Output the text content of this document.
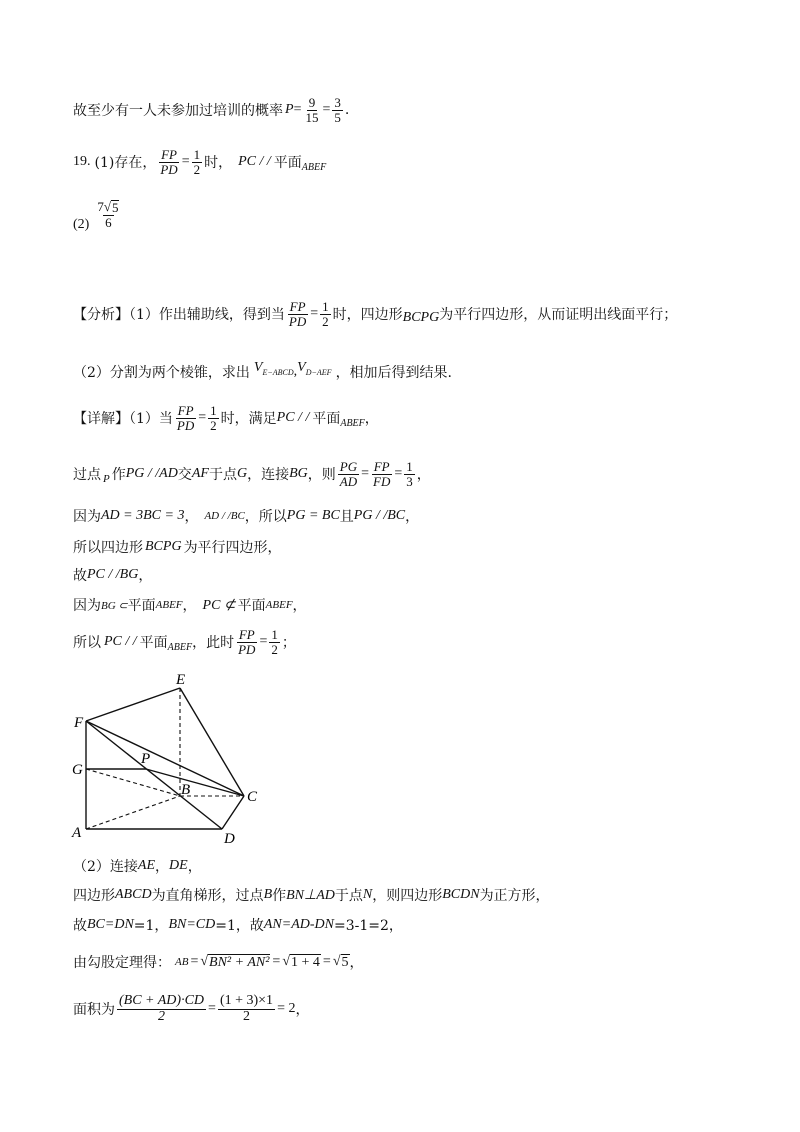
故至少有一人未参加过培训的概率 $P = \frac{9}{15} = \frac{3}{5}$ .
19. (1)存在， $\frac{FP}{PD} = \frac{1}{2}$ 时， PC / / 平面 ABEF
$(2) \frac{7√ 5}{6}$
【分析】（1）作出辅助线，得到当 $\frac{FP}{PD} = \frac{1}{2}$ 时，四边形 BCPG 为平行四边形，从而证明出线面平行；
（2）分割为两个棱锥，求出 V E−ABCD , V D−AEF ，相加后得到结果.
【详解】（1）当 $\frac{FP}{PD} = \frac{1}{2}$ 时，满足 PC / / 平面 ABEF ，
过点 P 作 PG / /AD 交 AF 于点 G ，连接 BG ，则 $\frac{PG}{AD} = \frac{FP}{FD} = \frac{1}{3}$ ，
因为 AD = 3BC = 3 ， AD / /BC ，所以 PG = BC 且 PG / /BC ，
所以四边形 BCPG 为平行四边形，
故 PC / /BG ，
因为 BG ⊂ 平面 ABEF ， PC ⊄ 平面 ABEF ，
所以 PC / / 平面 ABEF ，此时 $\frac{FP}{PD} = \frac{1}{2}$ ；
E
F
P
G
B	C
A	D
（2）连接 AE ， DE ，
四边形 ABCD 为直角梯形，过点 B 作 BN⊥AD 于点 N ，则四边形 BCDN 为正方形，
故 BC=DN =1， BN=CD =1，故 AN=AD-DN =3-1=2，
由勾股定理得： AB = √ BN² + AN² = √ 1 + 4 = √ 5 ，
面积为 $\frac{(BC + AD)\cdot CD}{2} = \frac{(1 + 3)\times 1}{2} = 2$ ，
